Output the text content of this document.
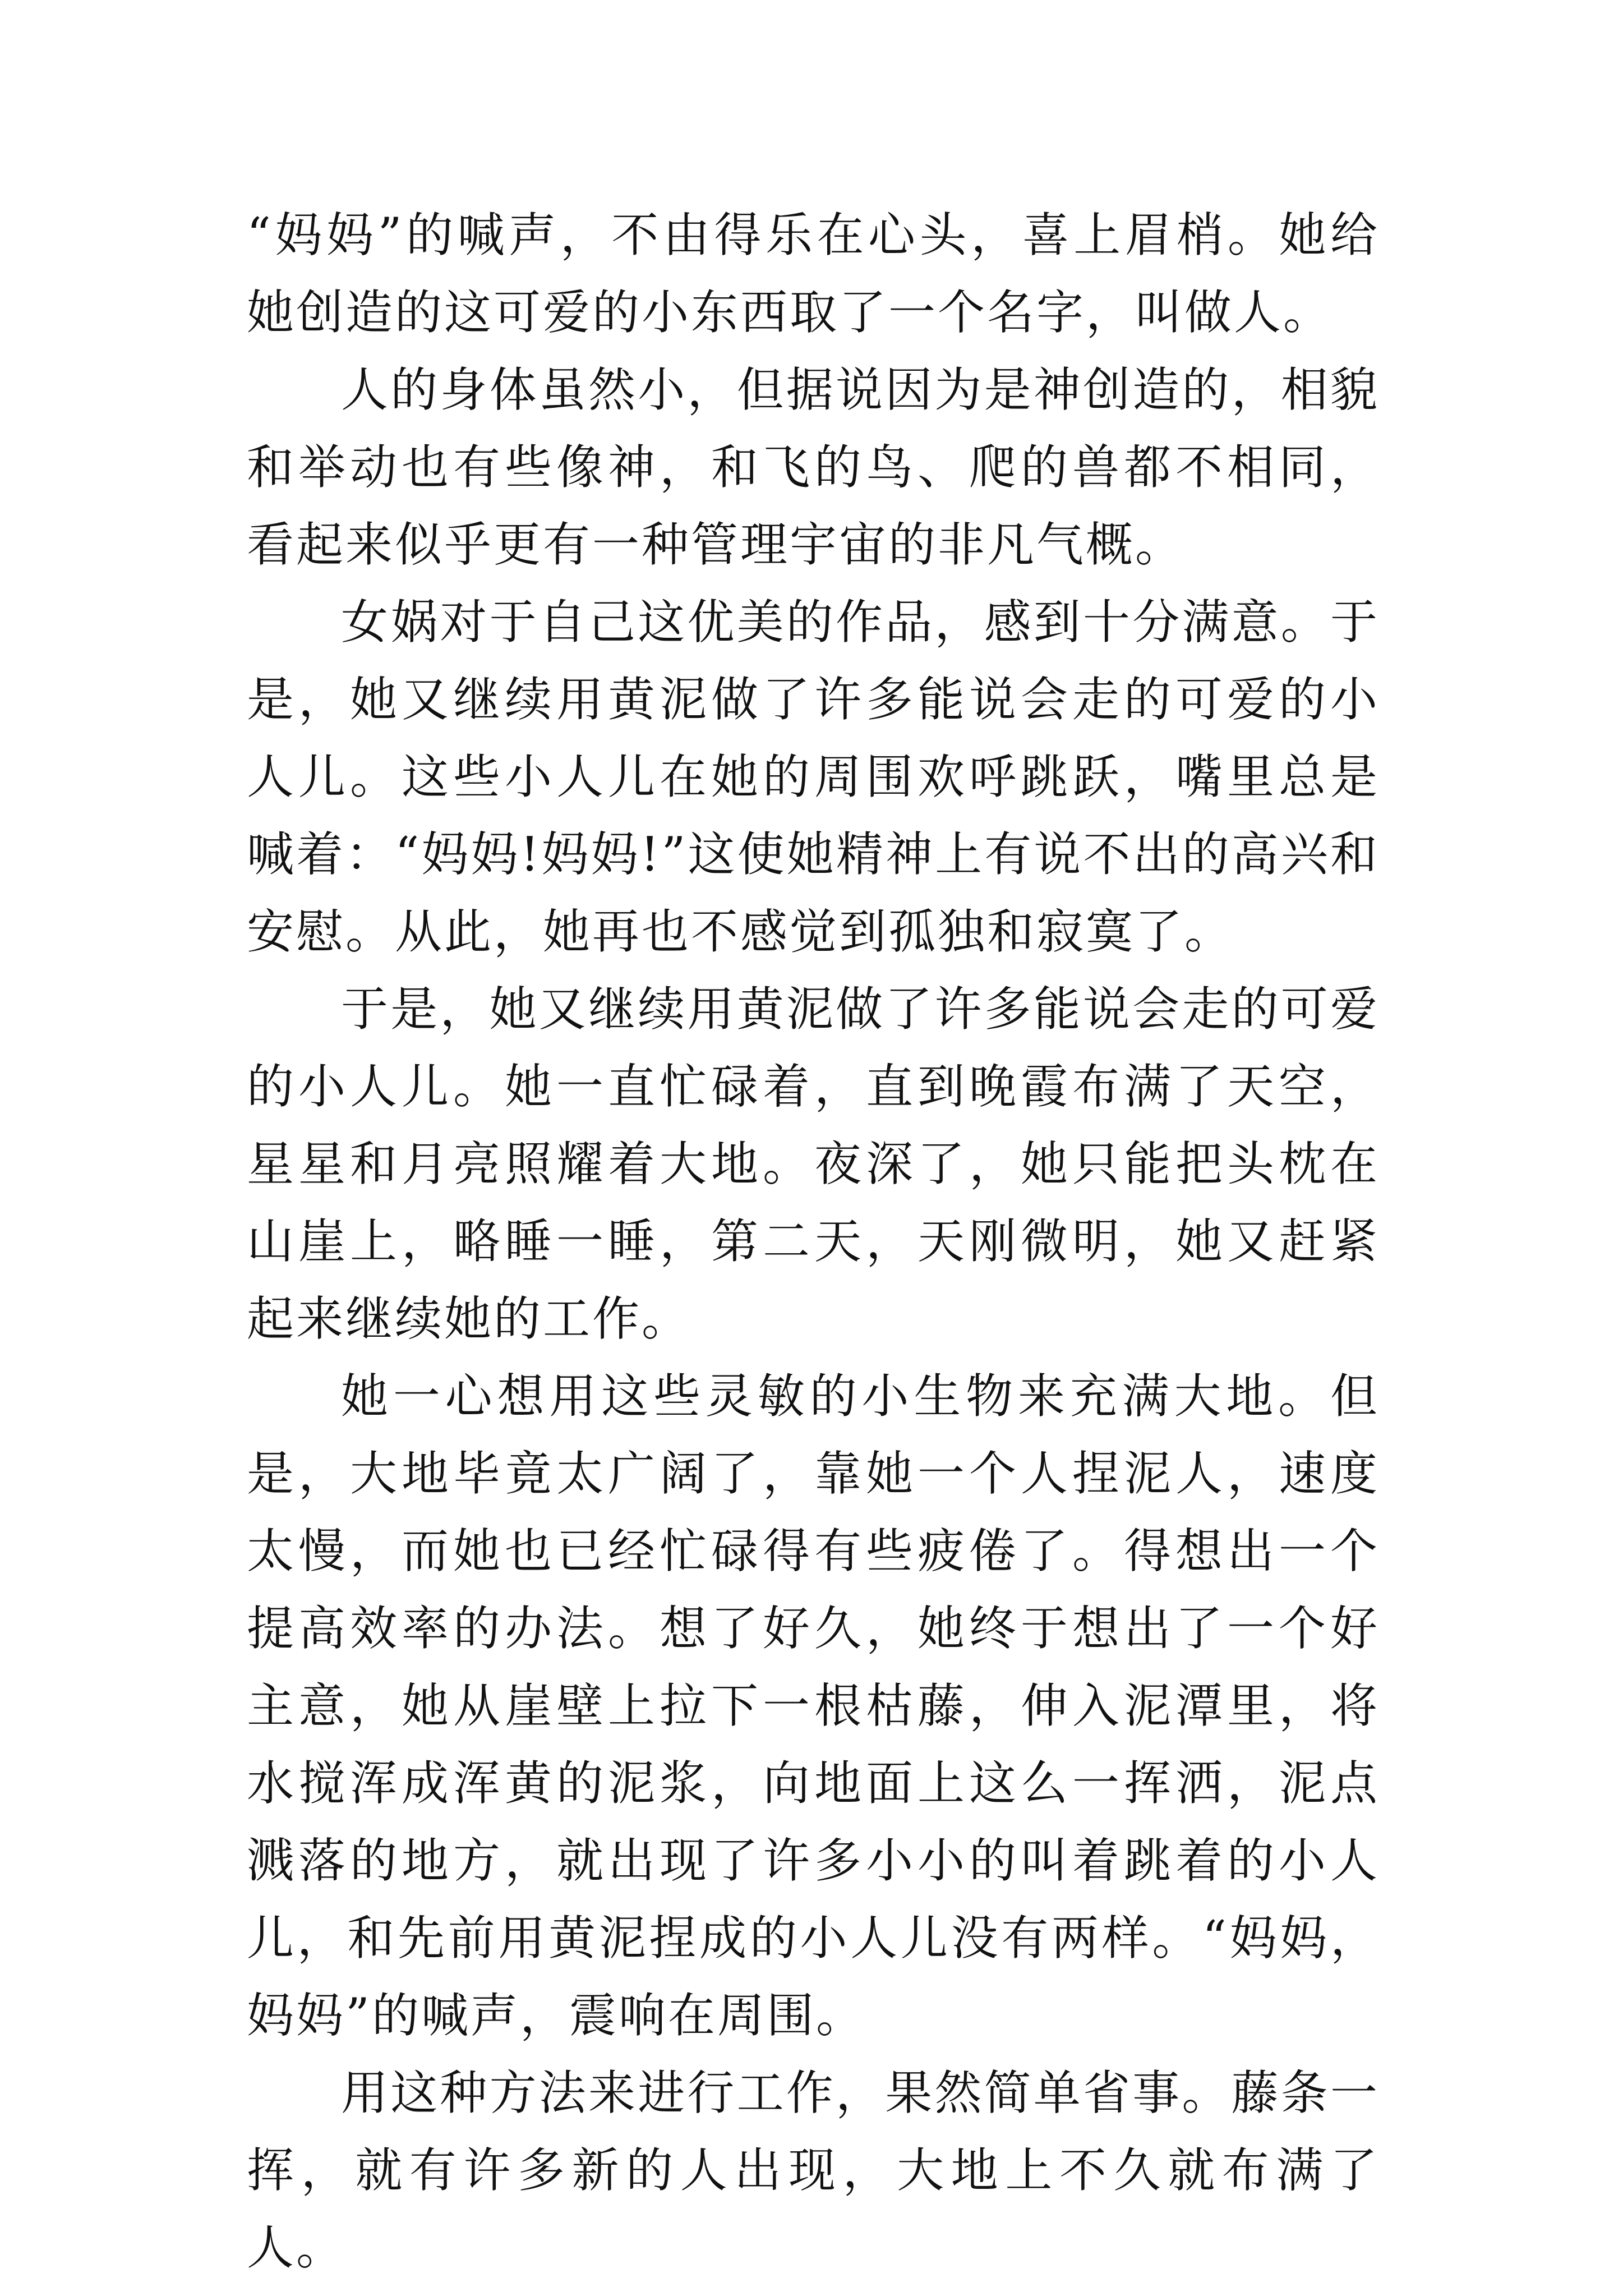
“妈妈”的喊声，不由得乐在心头，喜上眉梢。她给她创造的这可爱的小东西取了一个名字，叫做人。

人的身体虽然小，但据说因为是神创造的，相貌和举动也有些像神，和飞的鸟、爬的兽都不相同，看起来似乎更有一种管理宇宙的非凡气概。

女娲对于自己这优美的作品，感到十分满意。于是，她又继续用黄泥做了许多能说会走的可爱的小人儿。这些小人儿在她的周围欢呼跳跃，嘴里总是喊着：“妈妈!妈妈!”这使她精神上有说不出的高兴和安慰。从此，她再也不感觉到孤独和寂寞了。

于是，她又继续用黄泥做了许多能说会走的可爱的小人儿。她一直忙碌着，直到晚霞布满了天空，星星和月亮照耀着大地。夜深了，她只能把头枕在山崖上，略睡一睡，第二天，天刚微明，她又赶紧起来继续她的工作。

她一心想用这些灵敏的小生物来充满大地。但是，大地毕竟太广阔了，靠她一个人捏泥人，速度太慢，而她也已经忙碌得有些疲倦了。得想出一个提高效率的办法。想了好久，她终于想出了一个好主意，她从崖壁上拉下一根枯藤，伸入泥潭里，将水搅浑成浑黄的泥浆，向地面上这么一挥洒，泥点溅落的地方，就出现了许多小小的叫着跳着的小人儿，和先前用黄泥捏成的小人儿没有两样。“妈妈，妈妈”的喊声，震响在周围。

用这种方法来进行工作，果然简单省事。藤条一挥，就有许多新的人出现，大地上不久就布满了人。
